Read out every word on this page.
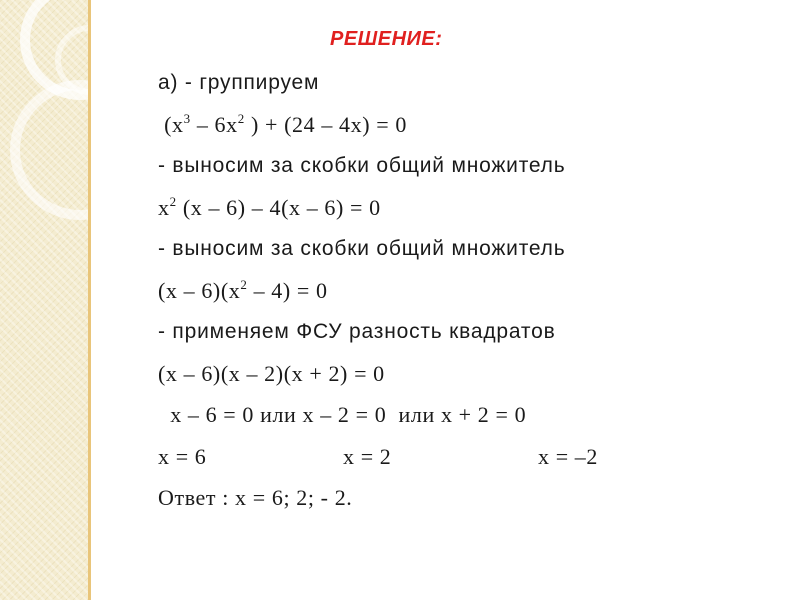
РЕШЕНИЕ:
а) - группируем
($х^3 - 6х^2$ ) + (24 – 4х) = 0
- выносим за скобки общий множитель
$х^2$ (х – 6) – 4(х – 6) = 0
- выносим за скобки общий множитель
$(х - 6)(х^2 - 4) = 0$
- применяем ФСУ разность квадратов
(х – 6)(х – 2)(х + 2) = 0
х – 6 = 0 или х – 2 = 0  или х + 2 = 0
х = 6	х = 2	х = –2
Ответ : х = 6; 2; - 2.
